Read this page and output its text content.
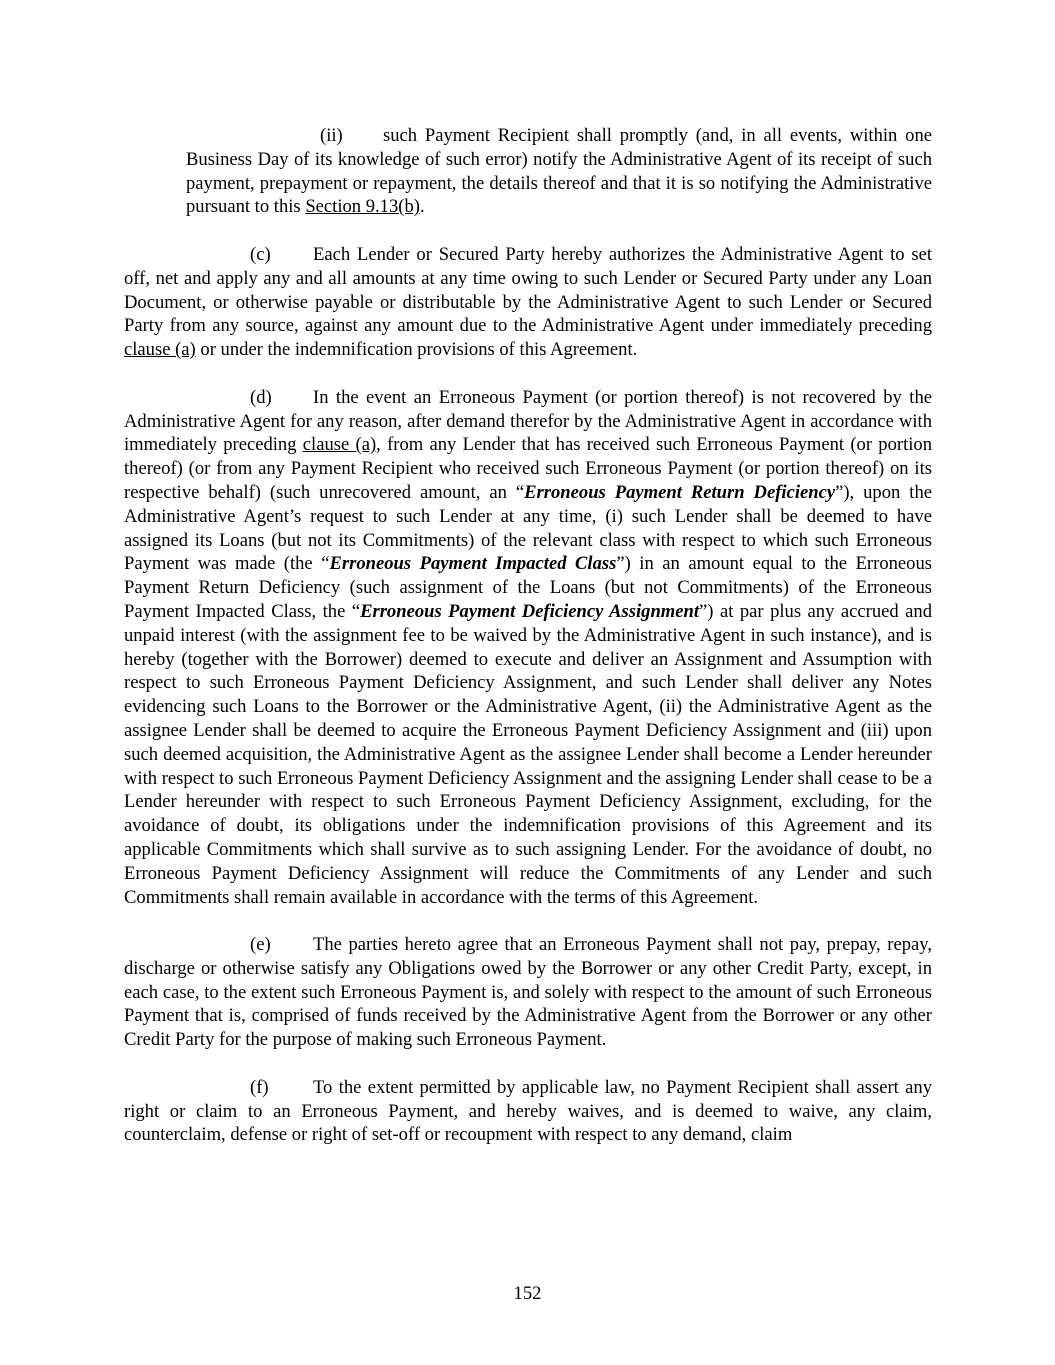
(ii) such Payment Recipient shall promptly (and, in all events, within one Business Day of its knowledge of such error) notify the Administrative Agent of its receipt of such payment, prepayment or repayment, the details thereof and that it is so notifying the Administrative pursuant to this Section 9.13(b).

(c) Each Lender or Secured Party hereby authorizes the Administrative Agent to set off, net and apply any and all amounts at any time owing to such Lender or Secured Party under any Loan Document, or otherwise payable or distributable by the Administrative Agent to such Lender or Secured Party from any source, against any amount due to the Administrative Agent under immediately preceding clause (a) or under the indemnification provisions of this Agreement.

(d) In the event an Erroneous Payment (or portion thereof) is not recovered by the Administrative Agent for any reason, after demand therefor by the Administrative Agent in accordance with immediately preceding clause (a), from any Lender that has received such Erroneous Payment (or portion thereof) (or from any Payment Recipient who received such Erroneous Payment (or portion thereof) on its respective behalf) (such unrecovered amount, an “Erroneous Payment Return Deficiency”), upon the Administrative Agent’s request to such Lender at any time, (i) such Lender shall be deemed to have assigned its Loans (but not its Commitments) of the relevant class with respect to which such Erroneous Payment was made (the “Erroneous Payment Impacted Class”) in an amount equal to the Erroneous Payment Return Deficiency (such assignment of the Loans (but not Commitments) of the Erroneous Payment Impacted Class, the “Erroneous Payment Deficiency Assignment”) at par plus any accrued and unpaid interest (with the assignment fee to be waived by the Administrative Agent in such instance), and is hereby (together with the Borrower) deemed to execute and deliver an Assignment and Assumption with respect to such Erroneous Payment Deficiency Assignment, and such Lender shall deliver any Notes evidencing such Loans to the Borrower or the Administrative Agent, (ii) the Administrative Agent as the assignee Lender shall be deemed to acquire the Erroneous Payment Deficiency Assignment and (iii) upon such deemed acquisition, the Administrative Agent as the assignee Lender shall become a Lender hereunder with respect to such Erroneous Payment Deficiency Assignment and the assigning Lender shall cease to be a Lender hereunder with respect to such Erroneous Payment Deficiency Assignment, excluding, for the avoidance of doubt, its obligations under the indemnification provisions of this Agreement and its applicable Commitments which shall survive as to such assigning Lender. For the avoidance of doubt, no Erroneous Payment Deficiency Assignment will reduce the Commitments of any Lender and such Commitments shall remain available in accordance with the terms of this Agreement.

(e) The parties hereto agree that an Erroneous Payment shall not pay, prepay, repay, discharge or otherwise satisfy any Obligations owed by the Borrower or any other Credit Party, except, in each case, to the extent such Erroneous Payment is, and solely with respect to the amount of such Erroneous Payment that is, comprised of funds received by the Administrative Agent from the Borrower or any other Credit Party for the purpose of making such Erroneous Payment.

(f) To the extent permitted by applicable law, no Payment Recipient shall assert any right or claim to an Erroneous Payment, and hereby waives, and is deemed to waive, any claim, counterclaim, defense or right of set-off or recoupment with respect to any demand, claim

152
